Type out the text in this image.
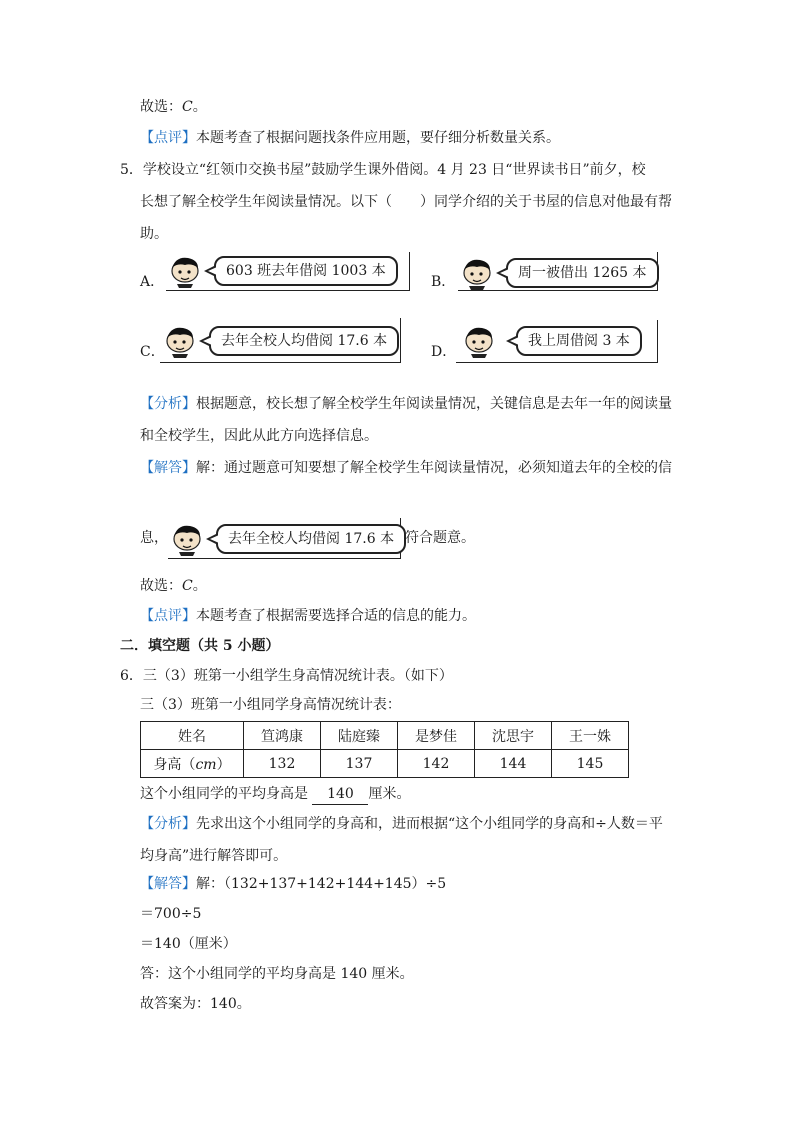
故选：C。
【点评】本题考查了根据问题找条件应用题，要仔细分析数量关系。
5．学校设立“红领巾交换书屋”鼓励学生课外借阅。4 月 23 日“世界读书日”前夕，校
长想了解全校学生年阅读量情况。以下（　　）同学介绍的关于书屋的信息对他最有帮
助。
A．
603 班去年借阅 1003 本
B．
周一被借出 1265 本
C．
去年全校人均借阅 17.6 本
D．
我上周借阅 3 本
【分析】根据题意，校长想了解全校学生年阅读量情况，关键信息是去年一年的阅读量
和全校学生，因此从此方向选择信息。
【解答】解：通过题意可知要想了解全校学生年阅读量情况，必须知道去年的全校的信
息，	去年全校人均借阅 17.6 本 符合题意。
故选：C。
【点评】本题考查了根据需要选择合适的信息的能力。
二．填空题（共 5 小题）
6．三（3）班第一小组学生身高情况统计表。（如下）
三（3）班第一小组同学身高情况统计表：
姓名	笪鸿康	陆庭臻	是梦佳	沈思宇	王一姝
身高（cm）	132	137	142	144	145
这个小组同学的平均身高是 140 厘米。
【分析】先求出这个小组同学的身高和，进而根据“这个小组同学的身高和÷人数＝平
均身高”进行解答即可。
【解答】解：（132+137+142+144+145）÷5
＝700÷5
＝140（厘米）
答：这个小组同学的平均身高是 140 厘米。
故答案为：140。
